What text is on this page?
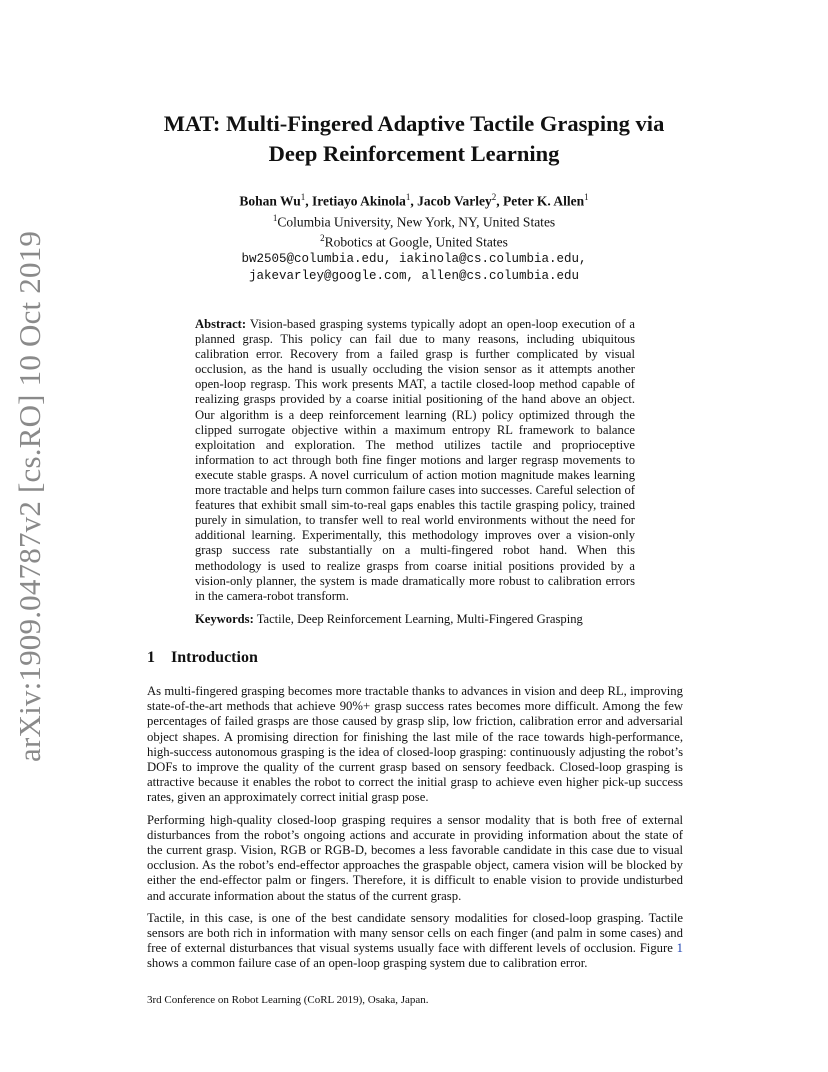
arXiv:1909.04787v2 [cs.RO] 10 Oct 2019
MAT: Multi-Fingered Adaptive Tactile Grasping via
Deep Reinforcement Learning
Bohan Wu$^1$, Iretiayo Akinola$^1$, Jacob Varley$^2$, Peter K. Allen$^1$
$^1$Columbia University, New York, NY, United States
$^2$Robotics at Google, United States
bw2505@columbia.edu, iakinola@cs.columbia.edu,
jakevarley@google.com, allen@cs.columbia.edu

Abstract: Vision-based grasping systems typically adopt an open-loop execution of a planned grasp. This policy can fail due to many reasons, including ubiquitous calibration error. Recovery from a failed grasp is further complicated by visual occlusion, as the hand is usually occluding the vision sensor as it attempts another open-loop regrasp. This work presents MAT, a tactile closed-loop method capable of realizing grasps provided by a coarse initial positioning of the hand above an object. Our algorithm is a deep reinforcement learning (RL) policy optimized through the clipped surrogate objective within a maximum entropy RL framework to balance exploitation and exploration. The method utilizes tactile and proprioceptive information to act through both fine finger motions and larger regrasp movements to execute stable grasps. A novel curriculum of action motion magnitude makes learning more tractable and helps turn common failure cases into successes. Careful selection of features that exhibit small sim-to-real gaps enables this tactile grasping policy, trained purely in simulation, to transfer well to real world environments without the need for additional learning. Experimentally, this methodology improves over a vision-only grasp success rate substantially on a multi-fingered robot hand. When this methodology is used to realize grasps from coarse initial positions provided by a vision-only planner, the system is made dramatically more robust to calibration errors in the camera-robot transform.

Keywords: Tactile, Deep Reinforcement Learning, Multi-Fingered Grasping

1 Introduction

As multi-fingered grasping becomes more tractable thanks to advances in vision and deep RL, improving state-of-the-art methods that achieve 90%+ grasp success rates becomes more difficult. Among the few percentages of failed grasps are those caused by grasp slip, low friction, calibration error and adversarial object shapes. A promising direction for finishing the last mile of the race towards high-performance, high-success autonomous grasping is the idea of closed-loop grasping: continuously adjusting the robot’s DOFs to improve the quality of the current grasp based on sensory feedback. Closed-loop grasping is attractive because it enables the robot to correct the initial grasp to achieve even higher pick-up success rates, given an approximately correct initial grasp pose.

Performing high-quality closed-loop grasping requires a sensor modality that is both free of external disturbances from the robot’s ongoing actions and accurate in providing information about the state of the current grasp. Vision, RGB or RGB-D, becomes a less favorable candidate in this case due to visual occlusion. As the robot’s end-effector approaches the graspable object, camera vision will be blocked by either the end-effector palm or fingers. Therefore, it is difficult to enable vision to provide undisturbed and accurate information about the status of the current grasp.

Tactile, in this case, is one of the best candidate sensory modalities for closed-loop grasping. Tactile sensors are both rich in information with many sensor cells on each finger (and palm in some cases) and free of external disturbances that visual systems usually face with different levels of occlusion. Figure 1 shows a common failure case of an open-loop grasping system due to calibration error.

3rd Conference on Robot Learning (CoRL 2019), Osaka, Japan.
